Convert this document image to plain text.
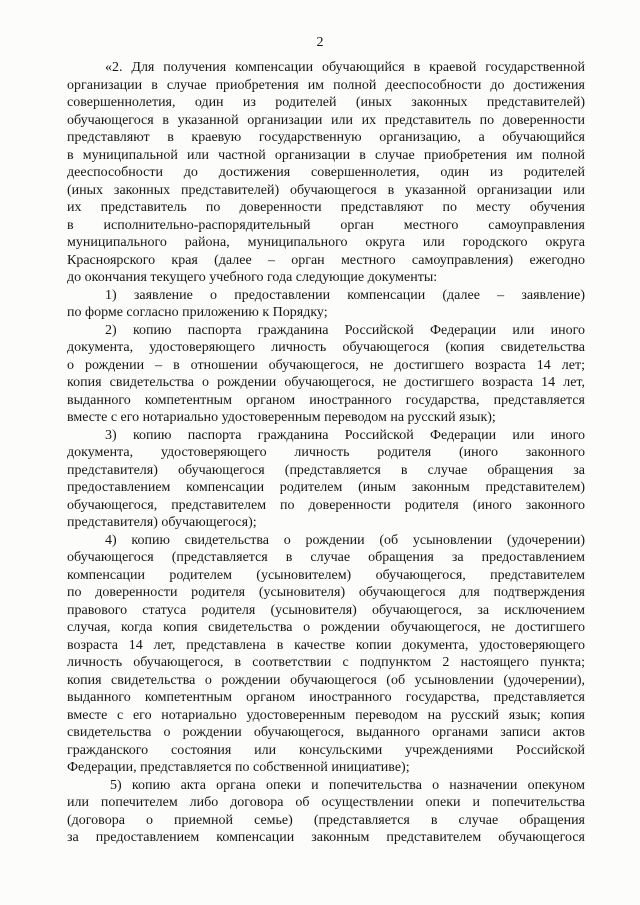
2
«2. Для получения компенсации обучающийся в краевой государственной
организации в случае приобретения им полной дееспособности до достижения
совершеннолетия, один из родителей (иных законных представителей)
обучающегося в указанной организации или их представитель по доверенности
представляют в краевую государственную организацию, а обучающийся
в муниципальной или частной организации в случае приобретения им полной
дееспособности до достижения совершеннолетия, один из родителей
(иных законных представителей) обучающегося в указанной организации или
их представитель по доверенности представляют по месту обучения
в исполнительно-распорядительный орган местного самоуправления
муниципального района, муниципального округа или городского округа
Красноярского края (далее – орган местного самоуправления) ежегодно
до окончания текущего учебного года следующие документы:
1) заявление о предоставлении компенсации (далее – заявление)
по форме согласно приложению к Порядку;
2) копию паспорта гражданина Российской Федерации или иного
документа, удостоверяющего личность обучающегося (копия свидетельства
о рождении – в отношении обучающегося, не достигшего возраста 14 лет;
копия свидетельства о рождении обучающегося, не достигшего возраста 14 лет,
выданного компетентным органом иностранного государства, представляется
вместе с его нотариально удостоверенным переводом на русский язык);
3) копию паспорта гражданина Российской Федерации или иного
документа, удостоверяющего личность родителя (иного законного
представителя) обучающегося (представляется в случае обращения за
предоставлением компенсации родителем (иным законным представителем)
обучающегося, представителем по доверенности родителя (иного законного
представителя) обучающегося);
4) копию свидетельства о рождении (об усыновлении (удочерении)
обучающегося (представляется в случае обращения за предоставлением
компенсации родителем (усыновителем) обучающегося, представителем
по доверенности родителя (усыновителя) обучающегося для подтверждения
правового статуса родителя (усыновителя) обучающегося, за исключением
случая, когда копия свидетельства о рождении обучающегося, не достигшего
возраста 14 лет, представлена в качестве копии документа, удостоверяющего
личность обучающегося, в соответствии с подпунктом 2 настоящего пункта;
копия свидетельства о рождении обучающегося (об усыновлении (удочерении),
выданного компетентным органом иностранного государства, представляется
вместе с его нотариально удостоверенным переводом на русский язык; копия
свидетельства о рождении обучающегося, выданного органами записи актов
гражданского состояния или консульскими учреждениями Российской
Федерации, представляется по собственной инициативе);
5) копию акта органа опеки и попечительства о назначении опекуном
или попечителем либо договора об осуществлении опеки и попечительства
(договора о приемной семье) (представляется в случае обращения
за предоставлением компенсации законным представителем обучающегося
